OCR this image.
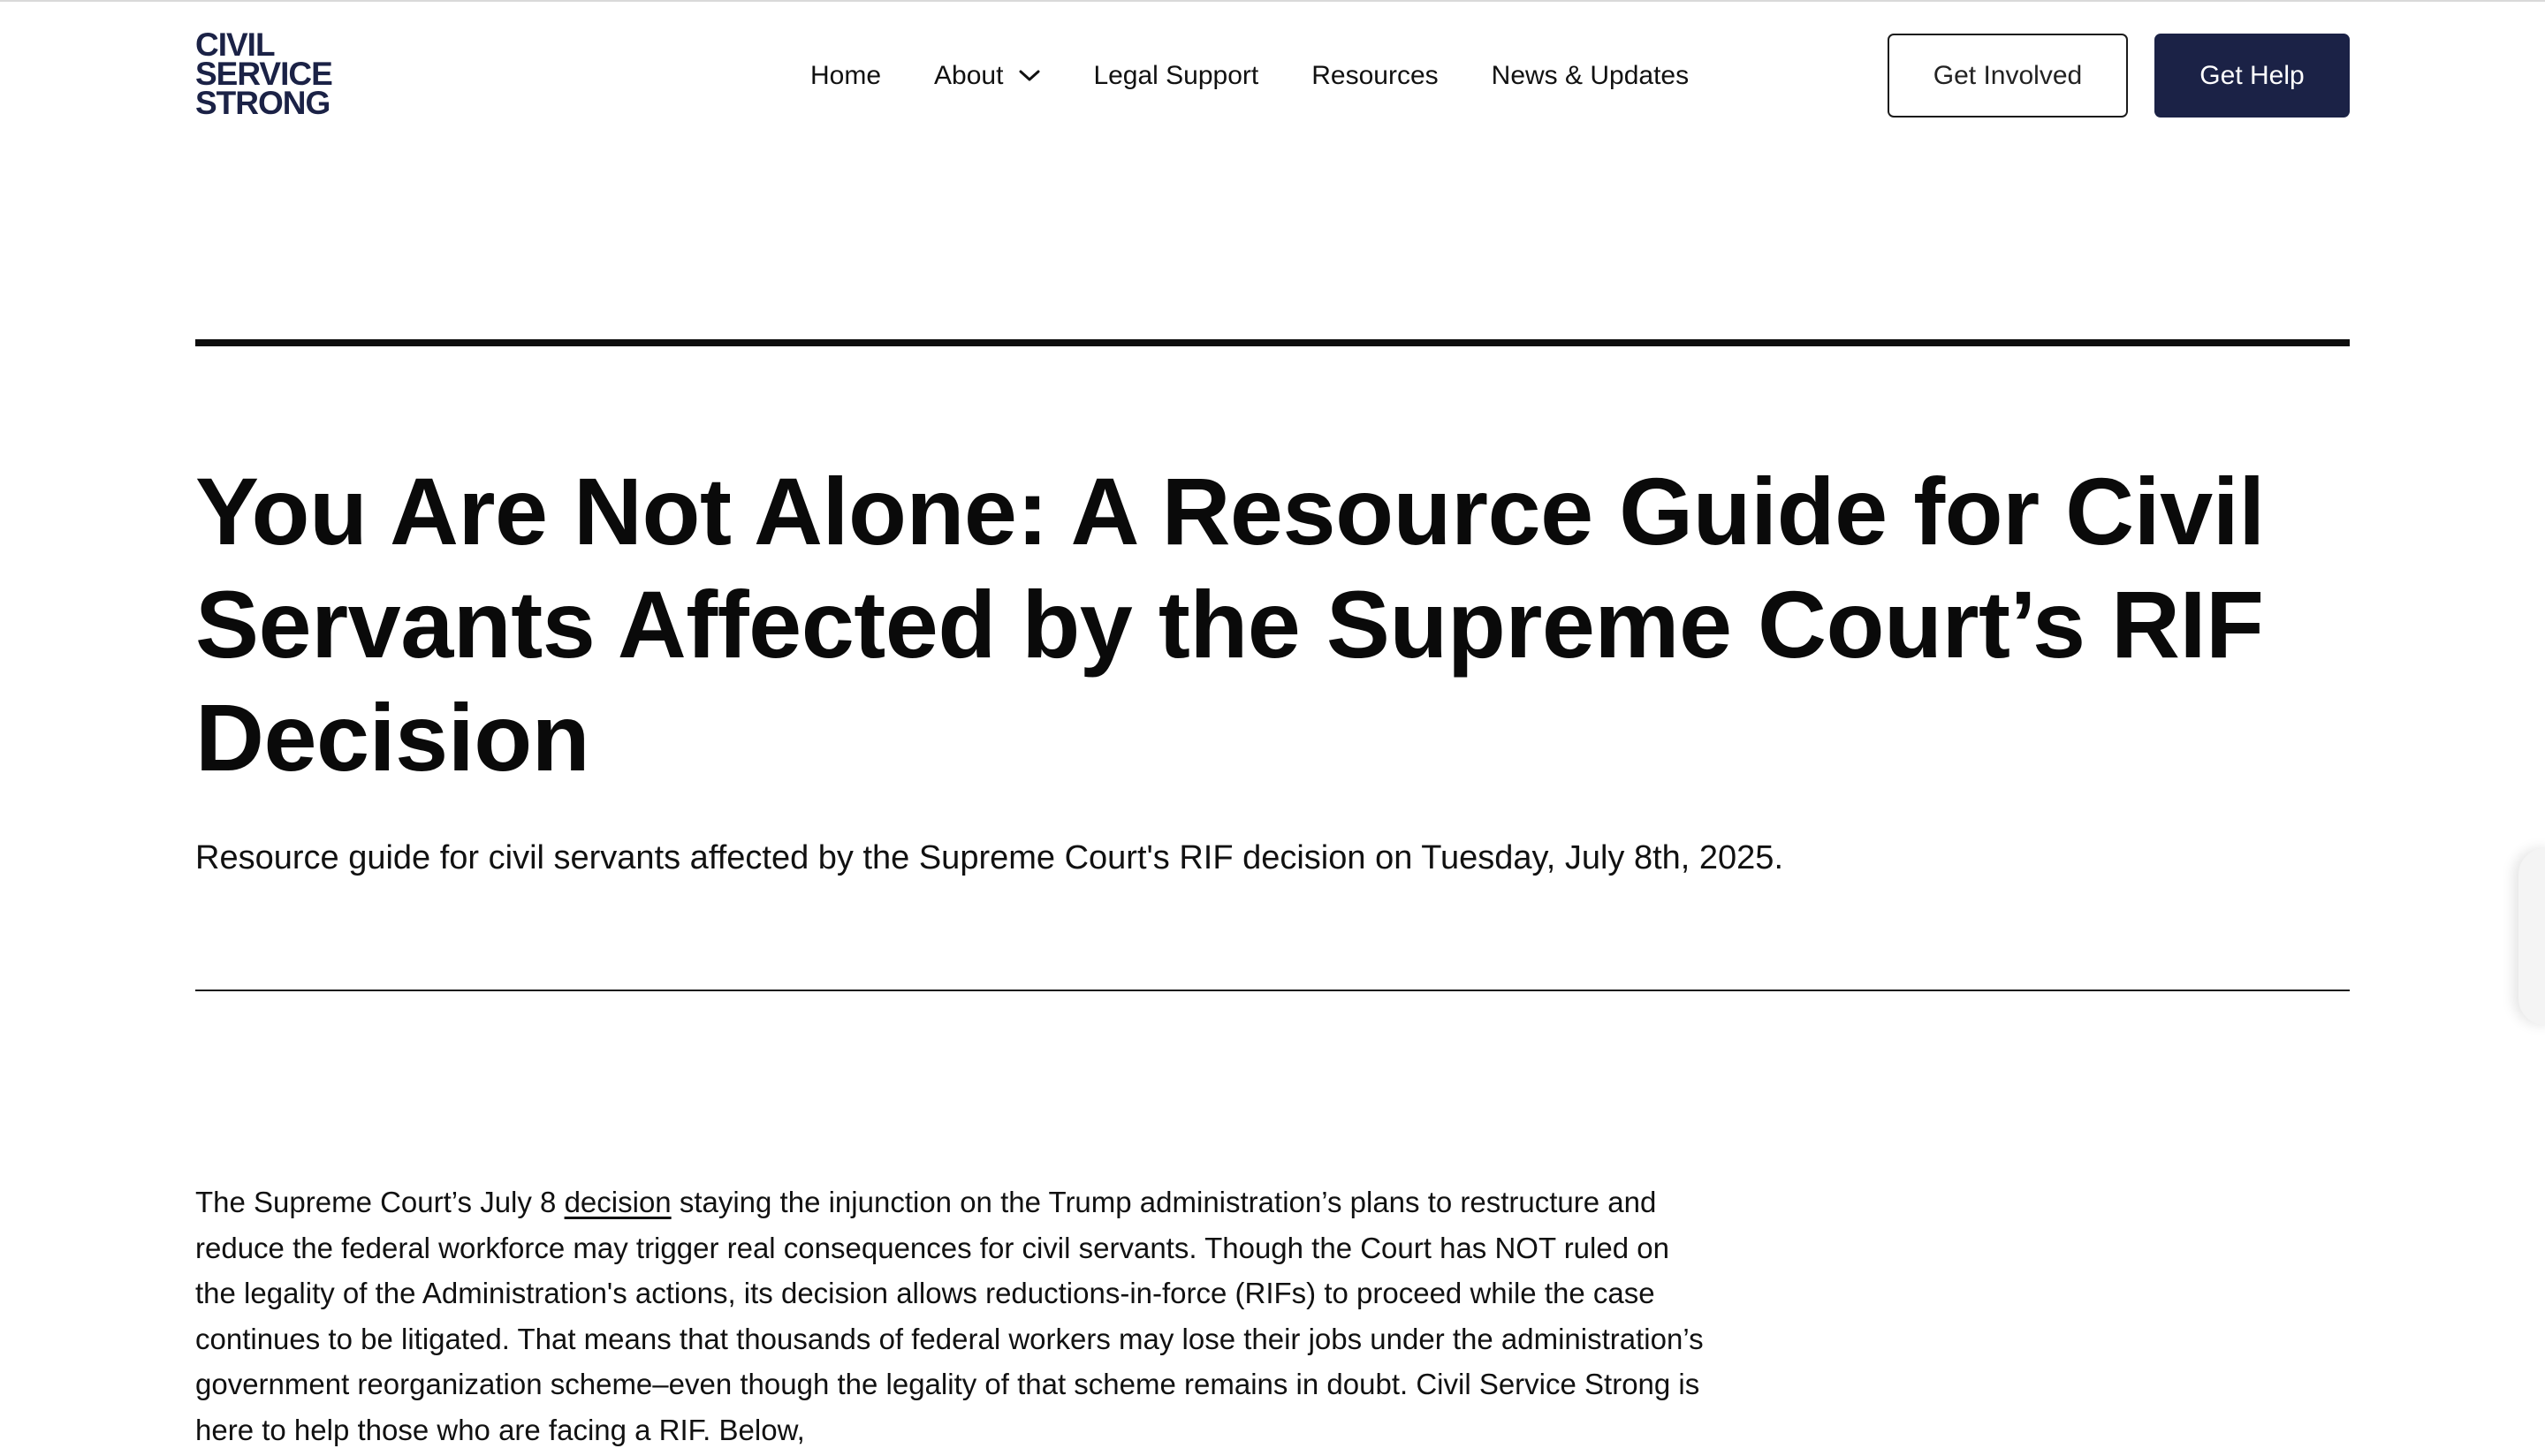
CIVIL
SERVICE
STRONG
Home About	Legal Support Resources News & Updates	Get Involved	Get Help
You Are Not Alone: A Resource Guide for Civil Servants Affected by the Supreme Court’s RIF Decision

Resource guide for civil servants affected by the Supreme Court's RIF decision on Tuesday, July 8th, 2025.

The Supreme Court’s July 8 decision staying the injunction on the Trump administration’s plans to restructure and reduce the federal workforce may trigger real consequences for civil servants. Though the Court has NOT ruled on the legality of the Administration's actions, its decision allows reductions-in-force (RIFs) to proceed while the case continues to be litigated. That means that thousands of federal workers may lose their jobs under the administration’s government reorganization scheme–even though the legality of that scheme remains in doubt. Civil Service Strong is here to help those who are facing a RIF. Below,
